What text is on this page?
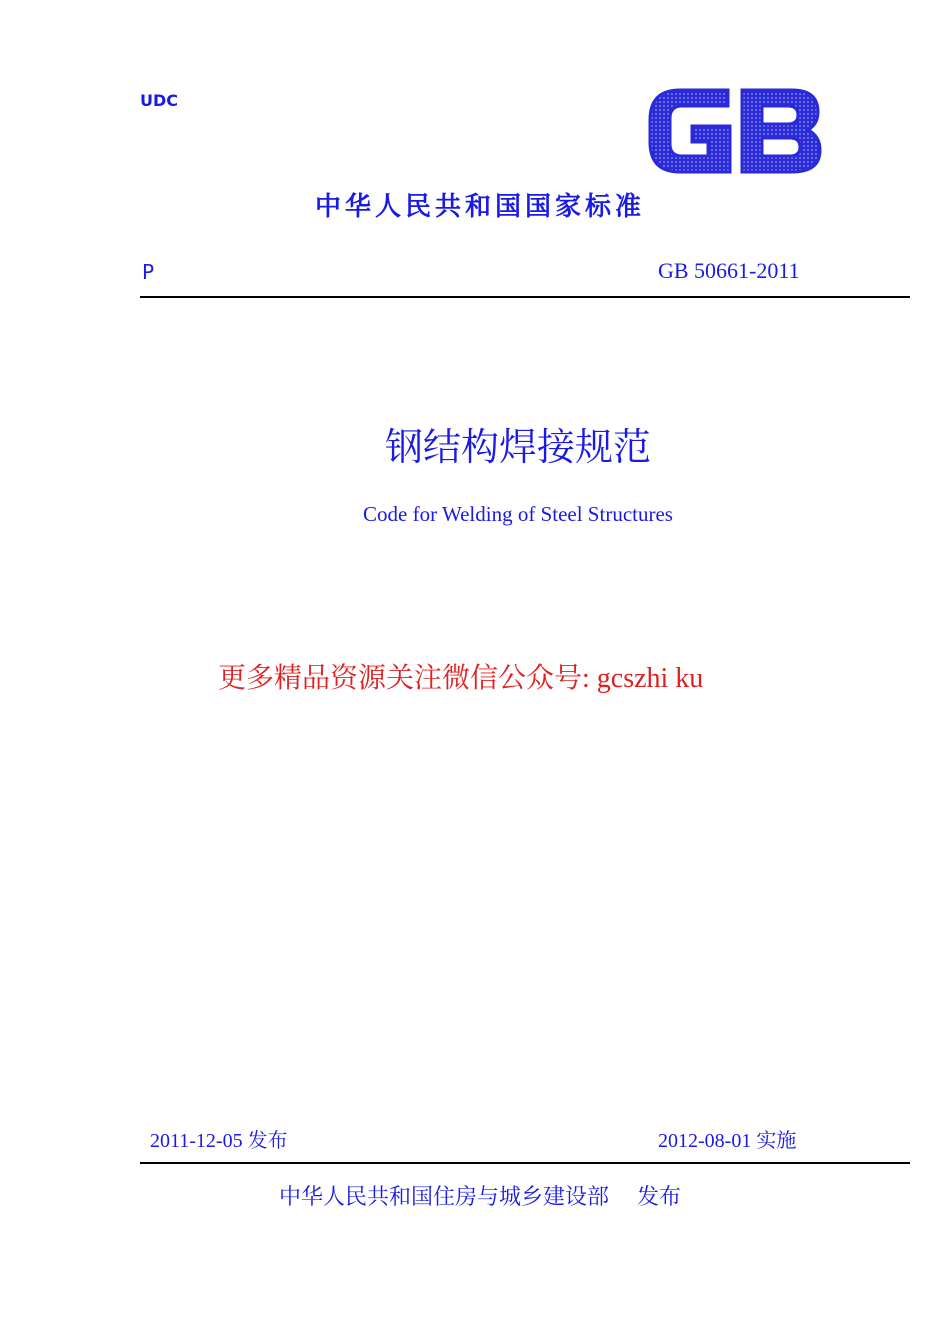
UDC
中华人民共和国国家标准
P	GB 50661-2011
钢结构焊接规范
Code for Welding of Steel Structures
更多精品资源关注微信公众号: gcszhi ku
2011-12-05 发布	2012-08-01 实施
中华人民共和国住房与城乡建设部    发布
